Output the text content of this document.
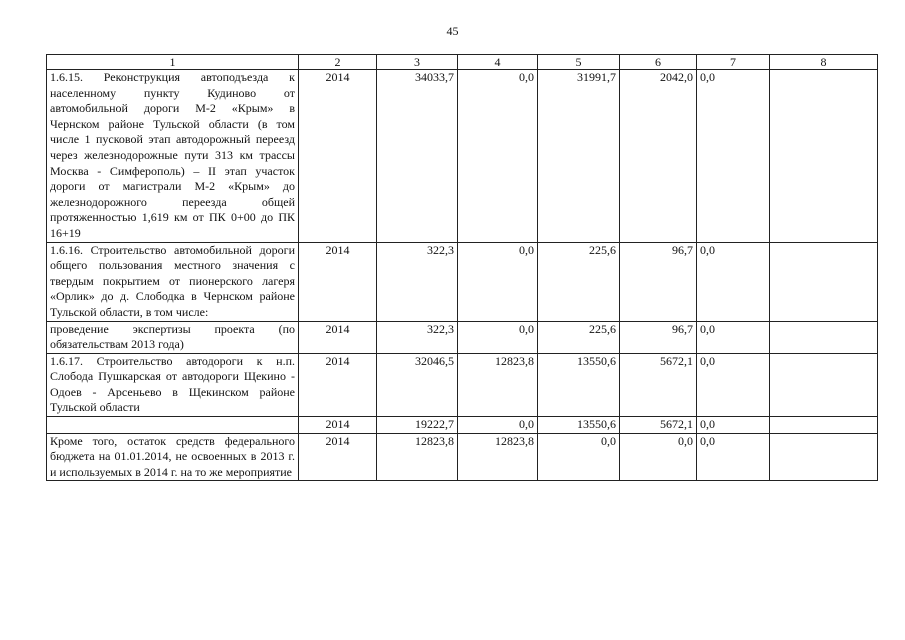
45
1	2	3	4	5	6	7	8
1.6.15. Реконструкция автоподъезда к населенному пункту Кудиново от автомобильной дороги М-2 «Крым» в Чернском районе Тульской области (в том числе 1 пусковой этап автодорожный переезд через железнодорожные пути 313 км трассы Москва - Симферополь) – II этап участок дороги от магистрали М-2 «Крым» до железнодорожного переезда общей протяженностью 1,619 км от ПК 0+00 до ПК 16+19	2014	34033,7	0,0	31991,7	2042,0	0,0	
1.6.16. Строительство автомобильной дороги общего пользования местного значения с твердым покрытием от пионерского лагеря «Орлик» до д. Слободка в Чернском районе Тульской области, в том числе:	2014	322,3	0,0	225,6	96,7	0,0	
проведение экспертизы проекта (по обязательствам 2013 года)	2014	322,3	0,0	225,6	96,7	0,0	
1.6.17. Строительство автодороги к н.п. Слобода Пушкарская от автодороги Щекино - Одоев - Арсеньево в Щекинском районе Тульской области	2014	32046,5	12823,8	13550,6	5672,1	0,0	
	2014	19222,7	0,0	13550,6	5672,1	0,0	
Кроме того, остаток средств федерального бюджета на 01.01.2014, не освоенных в 2013 г. и используемых в 2014 г. на то же мероприятие	2014	12823,8	12823,8	0,0	0,0	0,0	
